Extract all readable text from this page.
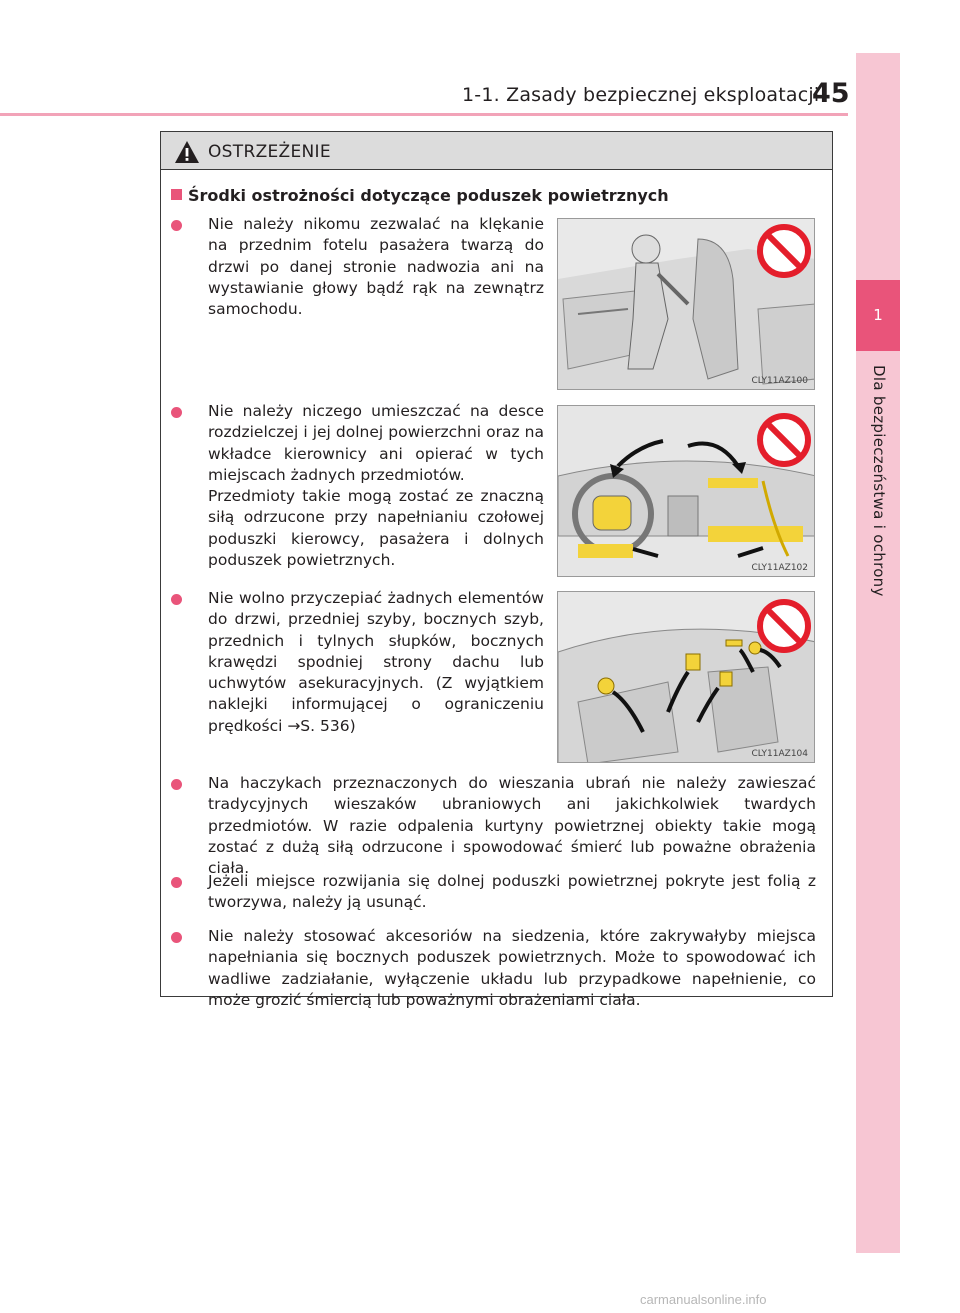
1-1. Zasady bezpiecznej eksploatacji
45
1
Dla bezpieczeństwa i ochrony
OSTRZEŻENIE
Środki ostrożności dotyczące poduszek powietrznych
Nie należy nikomu zezwalać na klękanie na przednim fotelu pasażera twarzą do drzwi po danej stronie nadwozia ani na wystawianie głowy bądź rąk na zewnątrz samochodu.
CLY11AZ100
Nie należy niczego umieszczać na desce rozdzielczej i jej dolnej powierzchni oraz na wkładce kierownicy ani opierać w tych miejscach żadnych przedmiotów.
Przedmioty takie mogą zostać ze znaczną siłą odrzucone przy napełnianiu czołowej poduszki kierowcy, pasażera i dolnych poduszek powietrznych.	CLY11AZ102
Nie wolno przyczepiać żadnych elementów do drzwi, przedniej szyby, bocznych szyb, przednich i tylnych słupków, bocznych krawędzi spodniej strony dachu lub uchwytów asekuracyjnych. (Z wyjątkiem naklejki informującej o ograniczeniu prędkości →S. 536)
CLY11AZ104
Na haczykach przeznaczonych do wieszania ubrań nie należy zawieszać tradycyjnych wieszaków ubraniowych ani jakichkolwiek twardych przedmiotów. W razie odpalenia kurtyny powietrznej obiekty takie mogą zostać z dużą siłą odrzucone i spowodować śmierć lub poważne obrażenia ciała.
Jeżeli miejsce rozwijania się dolnej poduszki powietrznej pokryte jest folią z tworzywa, należy ją usunąć.
Nie należy stosować akcesoriów na siedzenia, które zakrywałyby miejsca napełniania się bocznych poduszek powietrznych. Może to spowodować ich wadliwe zadziałanie, wyłączenie układu lub przypadkowe napełnienie, co może grozić śmiercią lub poważnymi obrażeniami ciała.
carmanualsonline.info
